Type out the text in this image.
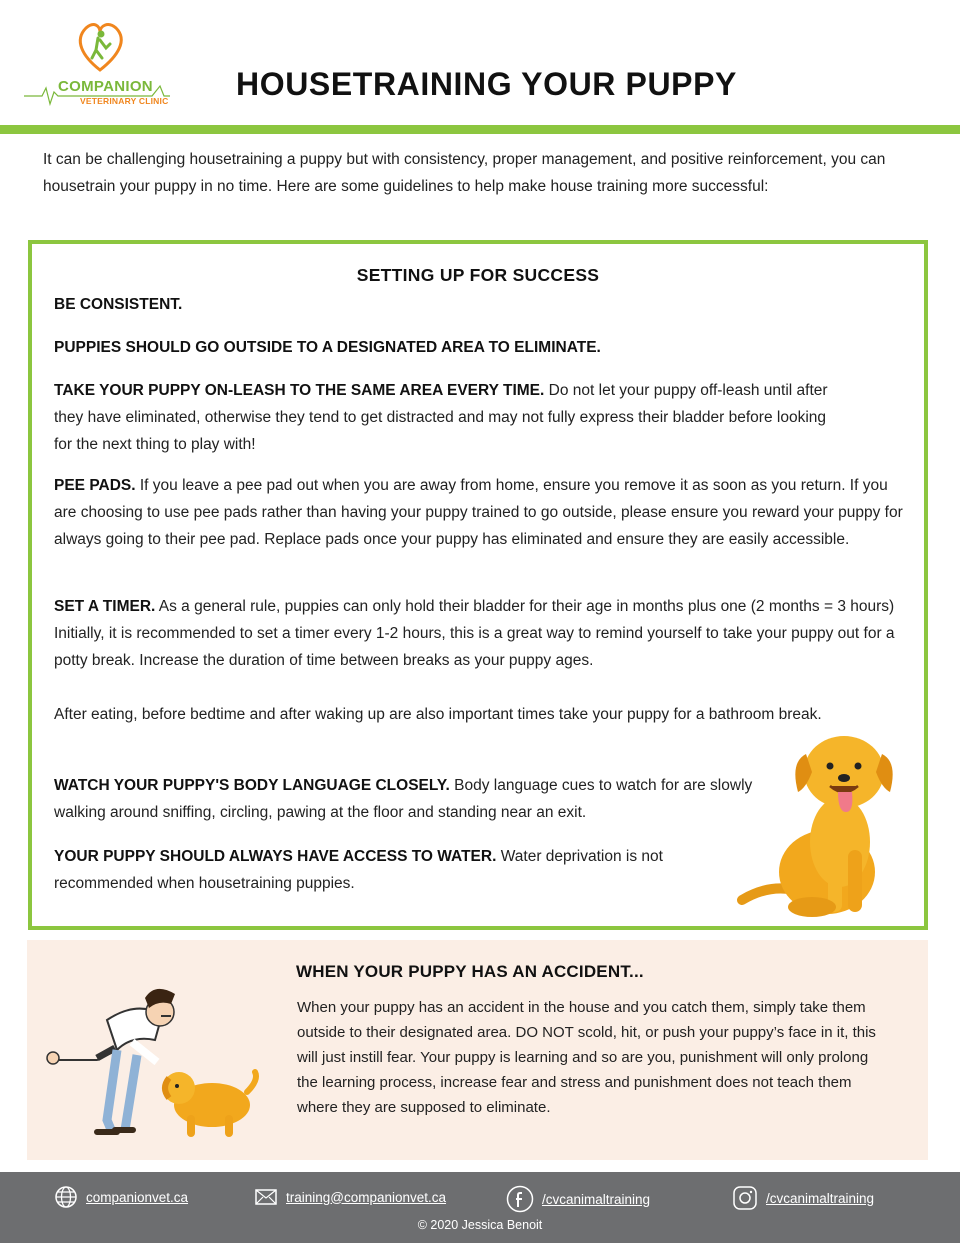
COMPANION
VETERINARY CLINIC HOUSETRAINING YOUR PUPPY
It can be challenging housetraining a puppy but with consistency, proper management, and positive reinforcement, you can housetrain your puppy in no time. Here are some guidelines to help make house training more successful:
SETTING UP FOR SUCCESS
BE CONSISTENT.
PUPPIES SHOULD GO OUTSIDE TO A DESIGNATED AREA TO ELIMINATE.
TAKE YOUR PUPPY ON-LEASH TO THE SAME AREA EVERY TIME. Do not let your puppy off-leash until after they have eliminated, otherwise they tend to get distracted and may not fully express their bladder before looking for the next thing to play with!
PEE PADS. If you leave a pee pad out when you are away from home, ensure you remove it as soon as you return. If you are choosing to use pee pads rather than having your puppy trained to go outside, please ensure you reward your puppy for always going to their pee pad. Replace pads once your puppy has eliminated and ensure they are easily accessible.
SET A TIMER. As a general rule, puppies can only hold their bladder for their age in months plus one (2 months = 3 hours) Initially, it is recommended to set a timer every 1-2 hours, this is a great way to remind yourself to take your puppy out for a potty break. Increase the duration of time between breaks as your puppy ages.
After eating, before bedtime and after waking up are also important times take your puppy for a bathroom break.
WATCH YOUR PUPPY'S BODY LANGUAGE CLOSELY. Body language cues to watch for are slowly walking around sniffing, circling, pawing at the floor and standing near an exit.
YOUR PUPPY SHOULD ALWAYS HAVE ACCESS TO WATER. Water deprivation is not recommended when housetraining puppies.
WHEN YOUR PUPPY HAS AN ACCIDENT...
When your puppy has an accident in the house and you catch them, simply take them outside to their designated area. DO NOT scold, hit, or push your puppy’s face in it, this will just instill fear. Your puppy is learning and so are you, punishment will only prolong the learning process, increase fear and stress and punishment does not teach them where they are supposed to eliminate.
companionvet.ca	training@companionvet.ca	/cvcanimaltraining	/cvcanimaltraining
© 2020 Jessica Benoit
